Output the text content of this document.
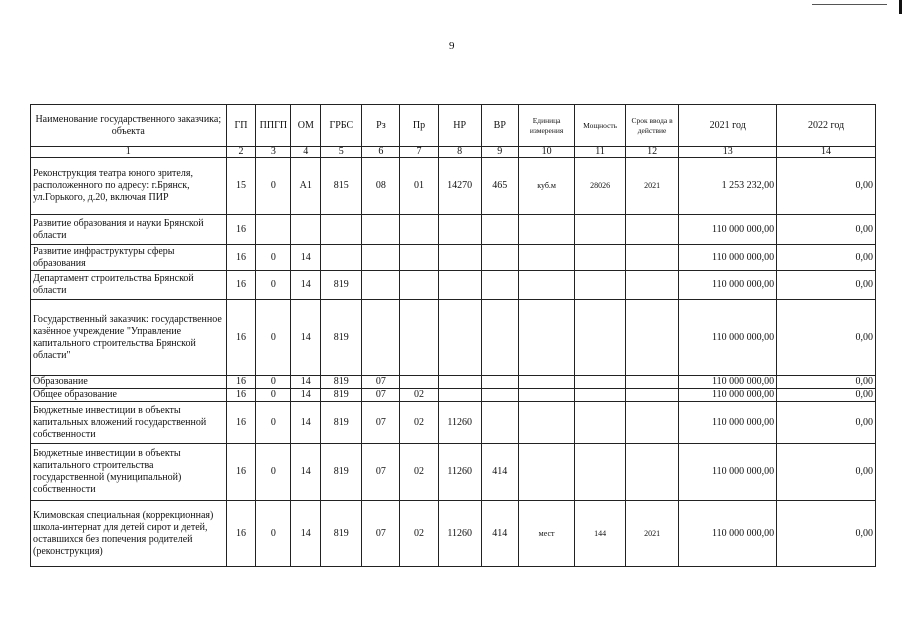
9
Наименование государственного заказчика; объекта	ГП	ППГП	ОМ	ГРБС	Рз	Пр	НР	ВР	Единица измерения	Мощность	Срок ввода в действие	2021 год	2022 год
1	2	3	4	5	6	7	8	9	10	11	12	13	14
Реконструкция театра юного зрителя, расположенного по адресу: г.Брянск, ул.Горького, д.20, включая ПИР	15	0	А1	815	08	01	14270	465	куб.м	28026	2021	1 253 232,00	0,00
Развитие образования и науки Брянской области	16											110 000 000,00	0,00
Развитие инфраструктуры сферы образования	16	0	14									110 000 000,00	0,00
Департамент строительства Брянской области	16	0	14	819								110 000 000,00	0,00
Государственный заказчик: государственное казённое учреждение "Управление капитального строительства Брянской области"	16	0	14	819								110 000 000,00	0,00
Образование	16	0	14	819	07							110 000 000,00	0,00
Общее образование	16	0	14	819	07	02						110 000 000,00	0,00
Бюджетные инвестиции в объекты капитальных вложений государственной собственности	16	0	14	819	07	02	11260					110 000 000,00	0,00
Бюджетные инвестиции в объекты капитального строительства государственной (муниципальной) собственности	16	0	14	819	07	02	11260	414				110 000 000,00	0,00
Климовская специальная (коррекционная) школа-интернат для детей сирот и детей, оставшихся без попечения родителей (реконструкция)	16	0	14	819	07	02	11260	414	мест	144	2021	110 000 000,00	0,00
